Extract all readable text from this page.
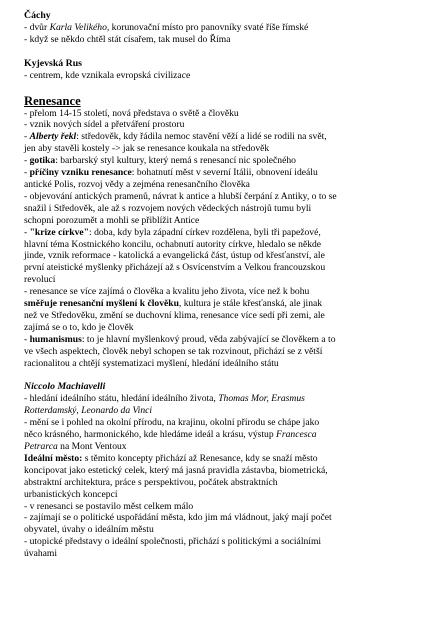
Čáchy

- dvůr Karla Velikého, korunovační místo pro panovníky svaté říše římské

- když se někdo chtěl stát císařem, tak musel do Říma

Kyjevská Rus

- centrem, kde vznikala evropská civilizace

Renesance

- přelom 14-15 století, nová představa o světě a člověku

- vznik nových sídel a přetváření prostoru

- Alberty řekl: středověk, kdy řádila nemoc stavění věží a lidé se rodili na svět,

jen aby stavěli kostely -> jak se renesance koukala na středověk

- gotika: barbarský styl kultury, který nemá s renesancí nic společného

- příčiny vzniku renesance: bohatnutí měst v severní Itálii, obnovení ideálu

antické Polis, rozvoj vědy a zejména renesančního člověka

- objevování antických pramenů, návrat k antice a hlubší čerpání z Antiky, o to se

snažil i Středověk, ale až s rozvojem nových vědeckých nástrojů tumu byli

schopni porozumět a mohli se přiblížit Antice

- "krize církve": doba, kdy byla západní církev rozdělena, byli tři papežové,

hlavní téma Kostnického koncilu, ochabnutí autority církve, hledalo se někde

jinde, vznik reformace - katolická a evangelická část, ústup od křesťanství, ale

první ateistické myšlenky přicházejí až s Osvícenstvím a Velkou francouzskou

revolucí

- renesance se více zajímá o člověka a kvalitu jeho života, více než k bohu

směřuje renesanční myšlení k člověku, kultura je stále křesťanská, ale jinak

než ve Středověku, změní se duchovní klima, renesance více sedí při zemi, ale

zajímá se o to, kdo je člověk

- humanismus: to je hlavní myšlenkový proud, věda zabývající se člověkem a to

ve všech aspektech, člověk nebyl schopen se tak rozvinout, přichází se z větší

racionalitou a chtějí systematizaci myšlení, hledání ideálního státu

Niccolo Machiavelli

- hledání ideálního státu, hledání ideálního života, Thomas Mor, Erasmus

Rotterdamský, Leonardo da Vinci

- mění se i pohled na okolní přírodu, na krajinu, okolní přírodu se chápe jako

něco krásného, harmonického, kde hledáme ideál a krásu, výstup Francesca

Petrarca na Mont Ventoux

Ideální město: s těmito koncepty přichází až Renesance, kdy se snaží město

koncipovat jako estetický celek, který má jasná pravidla zástavba, biometrická,

abstraktní architektura, práce s perspektivou, počátek abstraktních

urbanistických koncepcí

- v renesanci se postavilo měst celkem málo

- zajímají se o politické uspořádání města, kdo jim má vládnout, jaký mají počet

obyvatel, úvahy o ideálním městu

- utopické představy o ideální společnosti, přichází s politickými a sociálními

úvahami
